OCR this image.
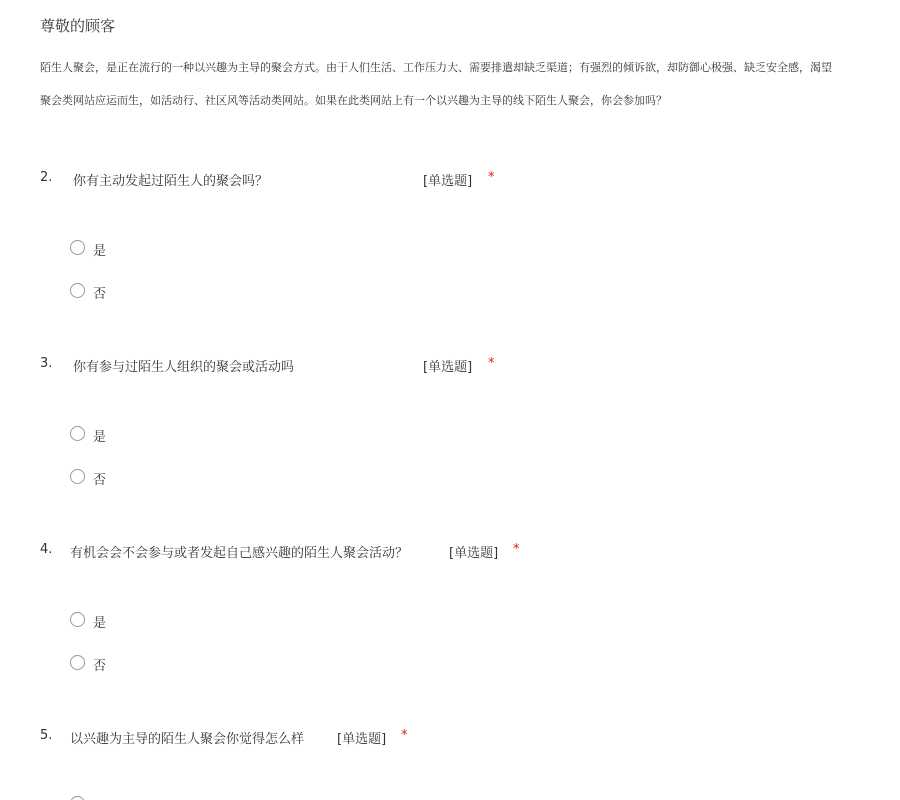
尊敬的顾客
陌生人聚会，是正在流行的一种以兴趣为主导的聚会方式。由于人们生活、工作压力大、需要排遣却缺乏渠道；有强烈的倾诉欲，却防御心极强、缺乏安全感，渴望
聚会类网站应运而生，如活动行、社区风等活动类网站。如果在此类网站上有一个以兴趣为主导的线下陌生人聚会，你会参加吗？
2. 你有主动发起过陌生人的聚会吗？	[单选题] *
是
否
3. 你有参与过陌生人组织的聚会或活动吗	[单选题] *
是
否
4. 有机会会不会参与或者发起自己感兴趣的陌生人聚会活动？	[单选题] *
是
否
5. 以兴趣为主导的陌生人聚会你觉得怎么样	[单选题] *
